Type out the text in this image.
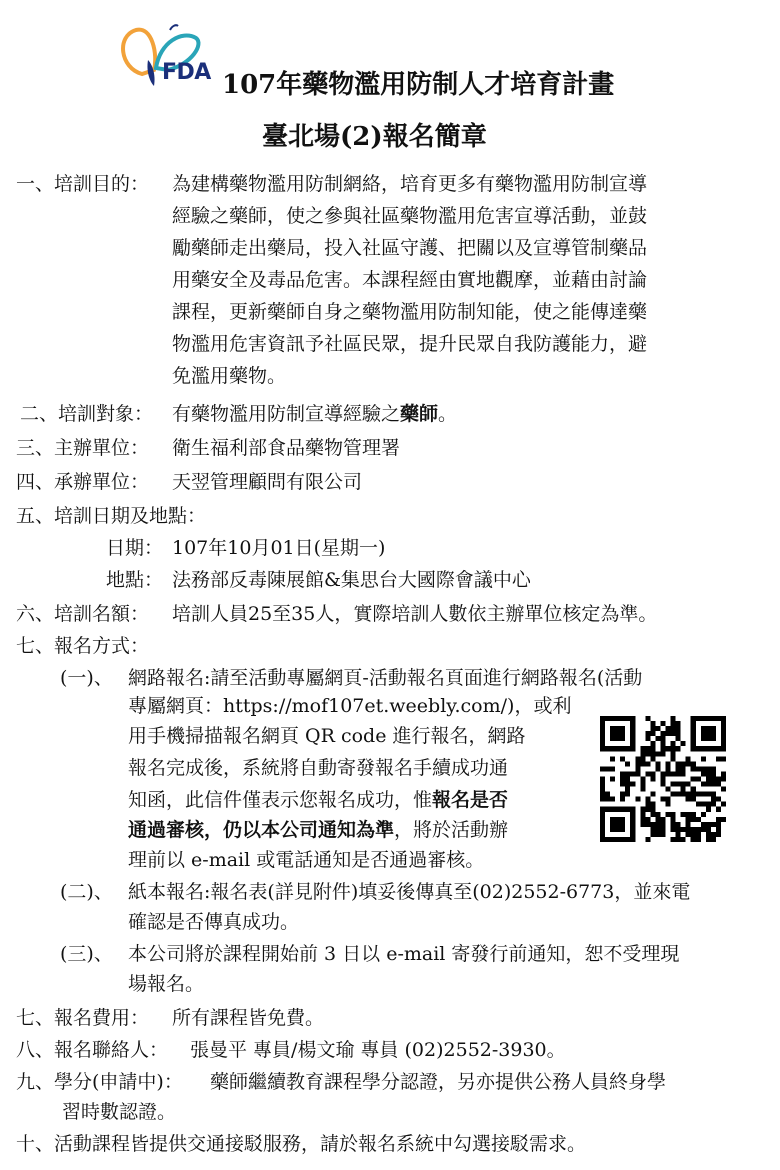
FDA 107年藥物濫用防制人才培育計畫
臺北場(2)報名簡章
一、培訓目的： 為建構藥物濫用防制網絡，培育更多有藥物濫用防制宣導
經驗之藥師，使之參與社區藥物濫用危害宣導活動，並鼓
勵藥師走出藥局，投入社區守護、把關以及宣導管制藥品
用藥安全及毒品危害。本課程經由實地觀摩，並藉由討論
課程，更新藥師自身之藥物濫用防制知能，使之能傳達藥
物濫用危害資訊予社區民眾，提升民眾自我防護能力，避
免濫用藥物。
二、培訓對象： 有藥物濫用防制宣導經驗之藥師。
三、主辦單位： 衛生福利部食品藥物管理署
四、承辦單位： 天翌管理顧問有限公司
五、培訓日期及地點：
日期： 107年10月01日(星期一)
地點： 法務部反毒陳展館&集思台大國際會議中心
六、培訓名額： 培訓人員25至35人，實際培訓人數依主辦單位核定為準。
七、報名方式：
(一)、 網路報名:請至活動專屬網頁-活動報名頁面進行網路報名(活動
專屬網頁：https://mof107et.weebly.com/)，或利
用手機掃描報名網頁 QR code 進行報名，網路
報名完成後，系統將自動寄發報名手續成功通
知函，此信件僅表示您報名成功，惟報名是否
通過審核，仍以本公司通知為準，將於活動辦
理前以 e-mail 或電話通知是否通過審核。
(二)、 紙本報名:報名表(詳見附件)填妥後傳真至(02)2552-6773，並來電
確認是否傳真成功。
(三)、 本公司將於課程開始前 3 日以 e-mail 寄發行前通知，恕不受理現
場報名。
七、報名費用： 所有課程皆免費。
八、報名聯絡人： 張曼平 專員/楊文瑜 專員 (02)2552-3930。
九、學分(申請中)： 藥師繼續教育課程學分認證，另亦提供公務人員終身學
習時數認證。
十、活動課程皆提供交通接駁服務，請於報名系統中勾選接駁需求。
